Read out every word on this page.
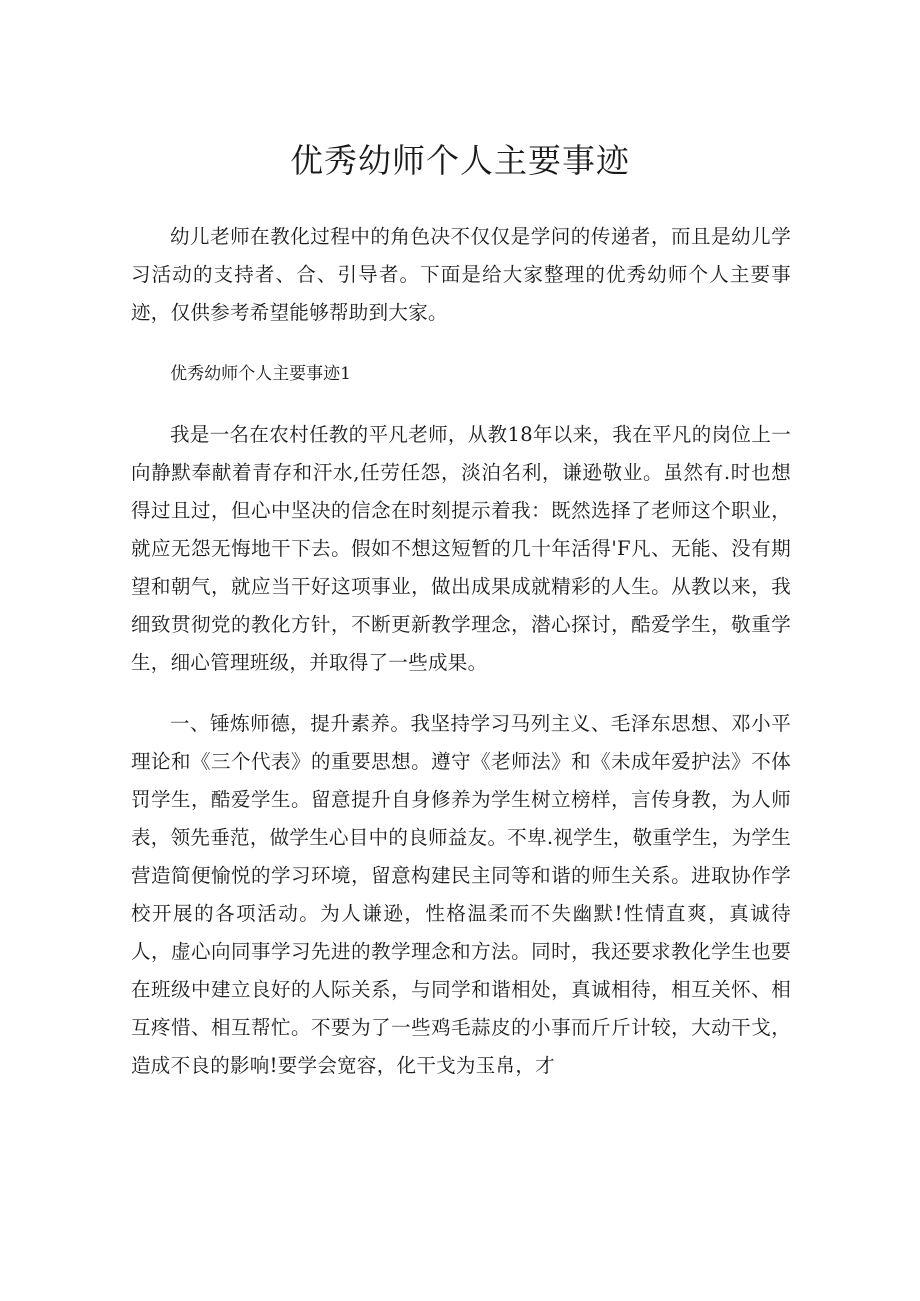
优秀幼师个人主要事迹

幼儿老师在教化过程中的角色决不仅仅是学问的传递者，而且是幼儿学习活动的支持者、合、引导者。下面是给大家整理的优秀幼师个人主要事迹，仅供参考希望能够帮助到大家。

优秀幼师个人主要事迹1

我是一名在农村任教的平凡老师，从教18年以来，我在平凡的岗位上一向静默奉献着青存和汗水,任劳任怨，淡泊名利，谦逊敬业。虽然有.时也想得过且过，但心中坚决的信念在时刻提示着我：既然选择了老师这个职业，就应无怨无悔地干下去。假如不想这短暂的几十年活得'F凡、无能、没有期望和朝气，就应当干好这项事业，做出成果成就精彩的人生。从教以来，我细致贯彻党的教化方针，不断更新教学理念，潜心探讨，酷爱学生，敬重学生，细心管理班级，并取得了一些成果。

一、锤炼师德，提升素养。我坚持学习马列主义、毛泽东思想、邓小平理论和《三个代表》的重要思想。遵守《老师法》和《未成年爱护法》不体罚学生，酷爱学生。留意提升自身修养为学生树立榜样，言传身教，为人师表，领先垂范，做学生心目中的良师益友。不卑.视学生，敬重学生，为学生营造简便愉悦的学习环境，留意构建民主同等和谐的师生关系。进取协作学校开展的各项活动。为人谦逊，性格温柔而不失幽默!性情直爽，真诚待人，虚心向同事学习先进的教学理念和方法。同时，我还要求教化学生也要在班级中建立良好的人际关系，与同学和谐相处，真诚相待，相互关怀、相互疼惜、相互帮忙。不要为了一些鸡毛蒜皮的小事而斤斤计较，大动干戈，造成不良的影响!要学会宽容，化干戈为玉帛，才
